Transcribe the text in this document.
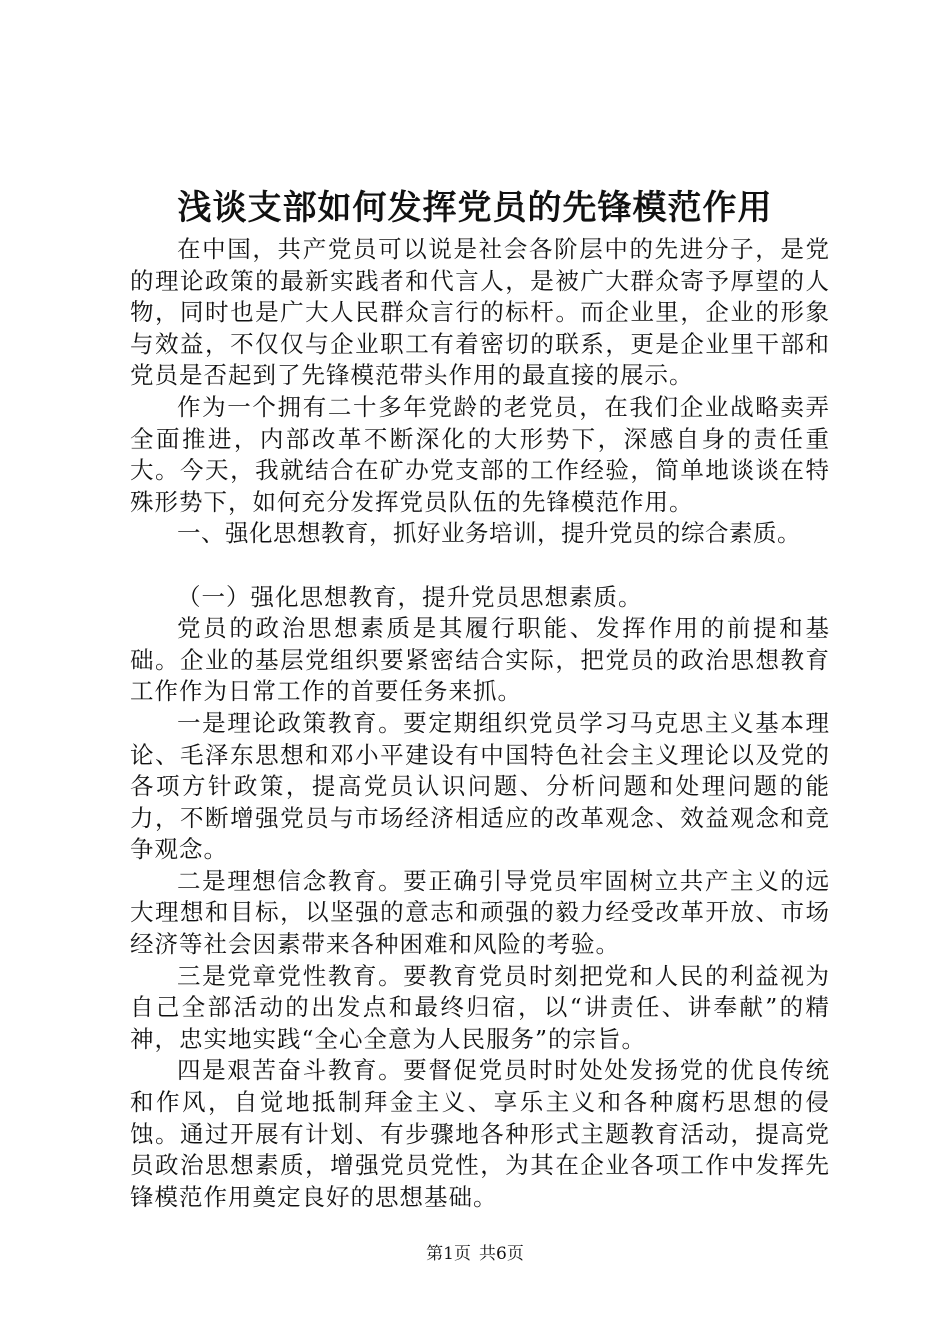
浅谈支部如何发挥党员的先锋模范作用

在中国，共产党员可以说是社会各阶层中的先进分子，是党的理论政策的最新实践者和代言人，是被广大群众寄予厚望的人物，同时也是广大人民群众言行的标杆。而企业里，企业的形象与效益，不仅仅与企业职工有着密切的联系，更是企业里干部和党员是否起到了先锋模范带头作用的最直接的展示。

作为一个拥有二十多年党龄的老党员，在我们企业战略卖弄全面推进，内部改革不断深化的大形势下，深感自身的责任重大。今天，我就结合在矿办党支部的工作经验，简单地谈谈在特殊形势下，如何充分发挥党员队伍的先锋模范作用。

一、强化思想教育，抓好业务培训，提升党员的综合素质。

（一）强化思想教育，提升党员思想素质。

党员的政治思想素质是其履行职能、发挥作用的前提和基础。企业的基层党组织要紧密结合实际，把党员的政治思想教育工作作为日常工作的首要任务来抓。

一是理论政策教育。要定期组织党员学习马克思主义基本理论、毛泽东思想和邓小平建设有中国特色社会主义理论以及党的各项方针政策，提高党员认识问题、分析问题和处理问题的能力，不断增强党员与市场经济相适应的改革观念、效益观念和竞争观念。

二是理想信念教育。要正确引导党员牢固树立共产主义的远大理想和目标，以坚强的意志和顽强的毅力经受改革开放、市场经济等社会因素带来各种困难和风险的考验。

三是党章党性教育。要教育党员时刻把党和人民的利益视为自己全部活动的出发点和最终归宿，以“讲责任、讲奉献”的精神，忠实地实践“全心全意为人民服务”的宗旨。

四是艰苦奋斗教育。要督促党员时时处处发扬党的优良传统和作风，自觉地抵制拜金主义、享乐主义和各种腐朽思想的侵蚀。通过开展有计划、有步骤地各种形式主题教育活动，提高党员政治思想素质，增强党员党性，为其在企业各项工作中发挥先锋模范作用奠定良好的思想基础。

第1页 共6页
